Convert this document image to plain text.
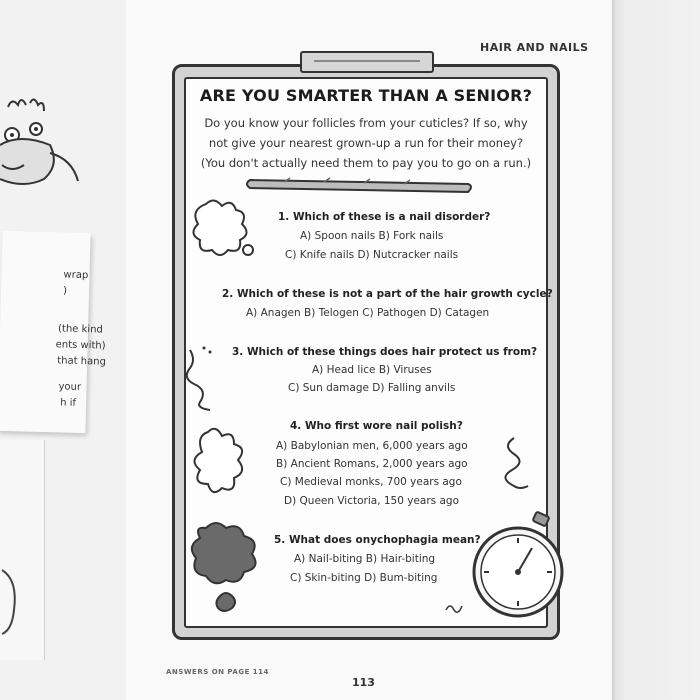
wrap
)
(the kind
ents with)
that hang
your
h if
HAIR AND NAILS
ARE YOU SMARTER THAN A SENIOR?
Do you know your follicles from your cuticles? If so, why
not give your nearest grown-up a run for their money?
(You don't actually need them to pay you to go on a run.)
1. Which of these is a nail disorder?
A) Spoon nails B) Fork nails
C) Knife nails D) Nutcracker nails
2. Which of these is not a part of the hair growth cycle?
A) Anagen B) Telogen C) Pathogen D) Catagen
3. Which of these things does hair protect us from?
A) Head lice B) Viruses
C) Sun damage D) Falling anvils
4. Who first wore nail polish?
A) Babylonian men, 6,000 years ago
B) Ancient Romans, 2,000 years ago
C) Medieval monks, 700 years ago
D) Queen Victoria, 150 years ago
5. What does onychophagia mean?
A) Nail-biting B) Hair-biting
C) Skin-biting D) Bum-biting
ANSWERS ON PAGE 114
113
